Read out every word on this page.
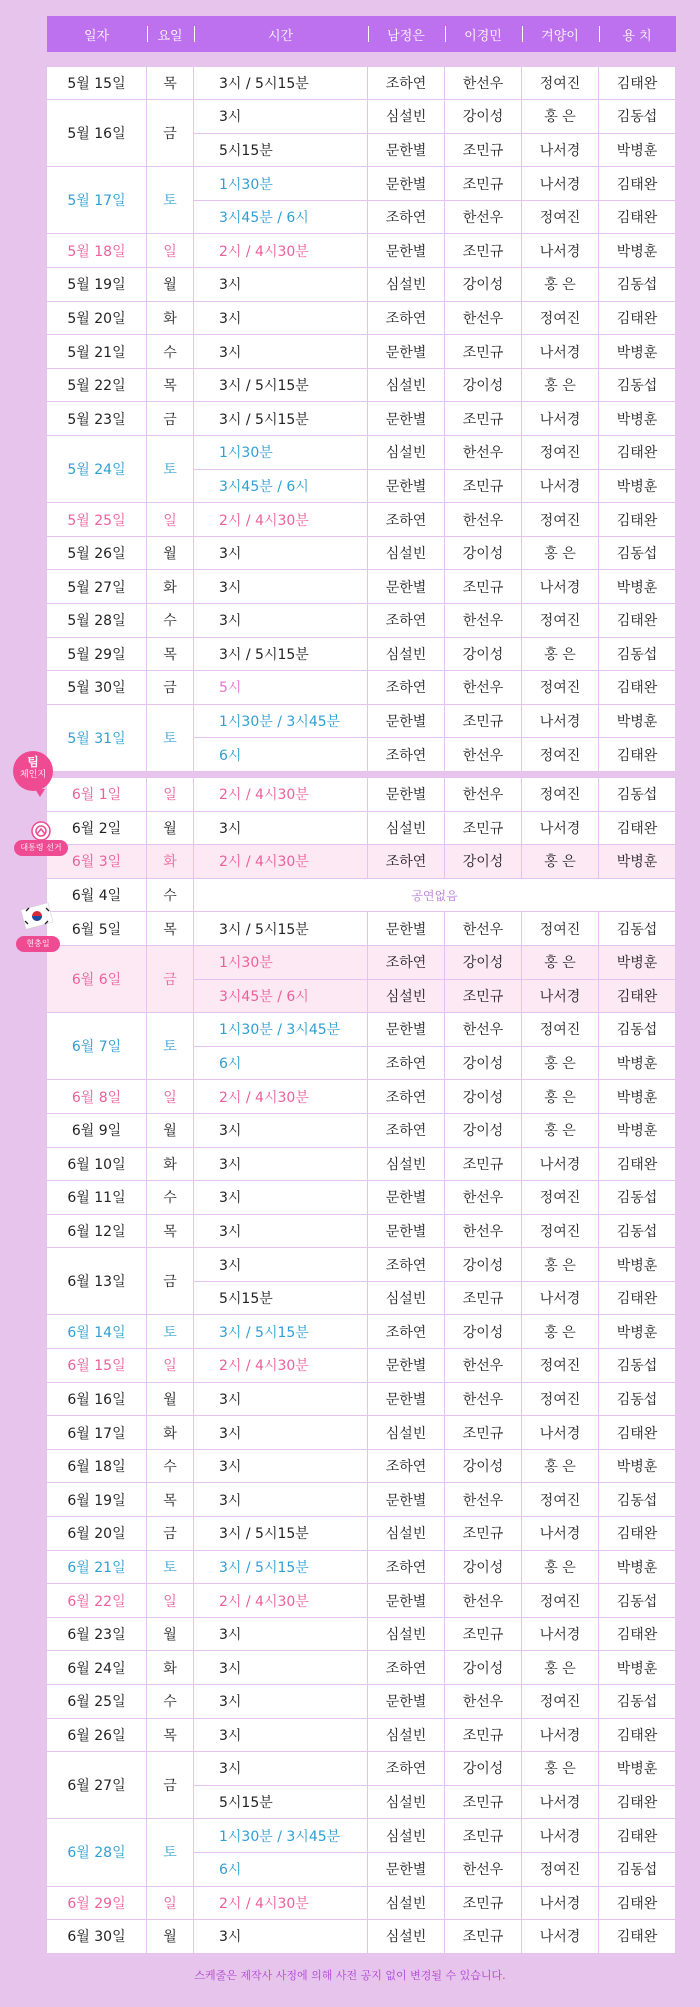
일자	요일	시간	남정은	이경민	겨양이	용 치

5월 15일	목	3시 / 5시15분	조하연	한선우	정여진	김태완
5월 16일	금	3시	심설빈	강이성	홍 은	김동섭
		5시15분	문한별	조민규	나서경	박병훈
5월 17일	토	1시30분	문한별	조민규	나서경	김태완
		3시45분 / 6시	조하연	한선우	정여진	김태완
5월 18일	일	2시 / 4시30분	문한별	조민규	나서경	박병훈
5월 19일	월	3시	심설빈	강이성	홍 은	김동섭
5월 20일	화	3시	조하연	한선우	정여진	김태완
5월 21일	수	3시	문한별	조민규	나서경	박병훈
5월 22일	목	3시 / 5시15분	심설빈	강이성	홍 은	김동섭
5월 23일	금	3시 / 5시15분	문한별	조민규	나서경	박병훈
5월 24일	토	1시30분	심설빈	한선우	정여진	김태완
		3시45분 / 6시	문한별	조민규	나서경	박병훈
5월 25일	일	2시 / 4시30분	조하연	한선우	정여진	김태완
5월 26일	월	3시	심설빈	강이성	홍 은	김동섭
5월 27일	화	3시	문한별	조민규	나서경	박병훈
5월 28일	수	3시	조하연	한선우	정여진	김태완
5월 29일	목	3시 / 5시15분	심설빈	강이성	홍 은	김동섭
5월 30일	금	5시	조하연	한선우	정여진	김태완
5월 31일	토	1시30분 / 3시45분	문한별	조민규	나서경	박병훈
		6시	조하연	한선우	정여진	김태완

6월 1일	일	2시 / 4시30분	문한별	한선우	정여진	김동섭
6월 2일	월	3시	심설빈	조민규	나서경	김태완
6월 3일	화	2시 / 4시30분	조하연	강이성	홍 은	박병훈
6월 4일	수	공연없음				
6월 5일	목	3시 / 5시15분	문한별	한선우	정여진	김동섭
6월 6일	금	1시30분	조하연	강이성	홍 은	박병훈
		3시45분 / 6시	심설빈	조민규	나서경	김태완
6월 7일	토	1시30분 / 3시45분	문한별	한선우	정여진	김동섭
		6시	조하연	강이성	홍 은	박병훈
6월 8일	일	2시 / 4시30분	조하연	강이성	홍 은	박병훈
6월 9일	월	3시	조하연	강이성	홍 은	박병훈
6월 10일	화	3시	심설빈	조민규	나서경	김태완
6월 11일	수	3시	문한별	한선우	정여진	김동섭
6월 12일	목	3시	문한별	한선우	정여진	김동섭
6월 13일	금	3시	조하연	강이성	홍 은	박병훈
		5시15분	심설빈	조민규	나서경	김태완
6월 14일	토	3시 / 5시15분	조하연	강이성	홍 은	박병훈
6월 15일	일	2시 / 4시30분	문한별	한선우	정여진	김동섭
6월 16일	월	3시	문한별	한선우	정여진	김동섭
6월 17일	화	3시	심설빈	조민규	나서경	김태완
6월 18일	수	3시	조하연	강이성	홍 은	박병훈
6월 19일	목	3시	문한별	한선우	정여진	김동섭
6월 20일	금	3시 / 5시15분	심설빈	조민규	나서경	김태완
6월 21일	토	3시 / 5시15분	조하연	강이성	홍 은	박병훈
6월 22일	일	2시 / 4시30분	문한별	한선우	정여진	김동섭
6월 23일	월	3시	심설빈	조민규	나서경	김태완
6월 24일	화	3시	조하연	강이성	홍 은	박병훈
6월 25일	수	3시	문한별	한선우	정여진	김동섭
6월 26일	목	3시	심설빈	조민규	나서경	김태완
6월 27일	금	3시	조하연	강이성	홍 은	박병훈
		5시15분	심설빈	조민규	나서경	김태완
6월 28일	토	1시30분 / 3시45분	심설빈	조민규	나서경	김태완
		6시	문한별	한선우	정여진	김동섭
6월 29일	일	2시 / 4시30분	심설빈	조민규	나서경	김태완
6월 30일	월	3시	심설빈	조민규	나서경	김태완
팀
체인지
대통령 선거
현충일
스케줄은 제작사 사정에 의해 사전 공지 없이 변경될 수 있습니다.
